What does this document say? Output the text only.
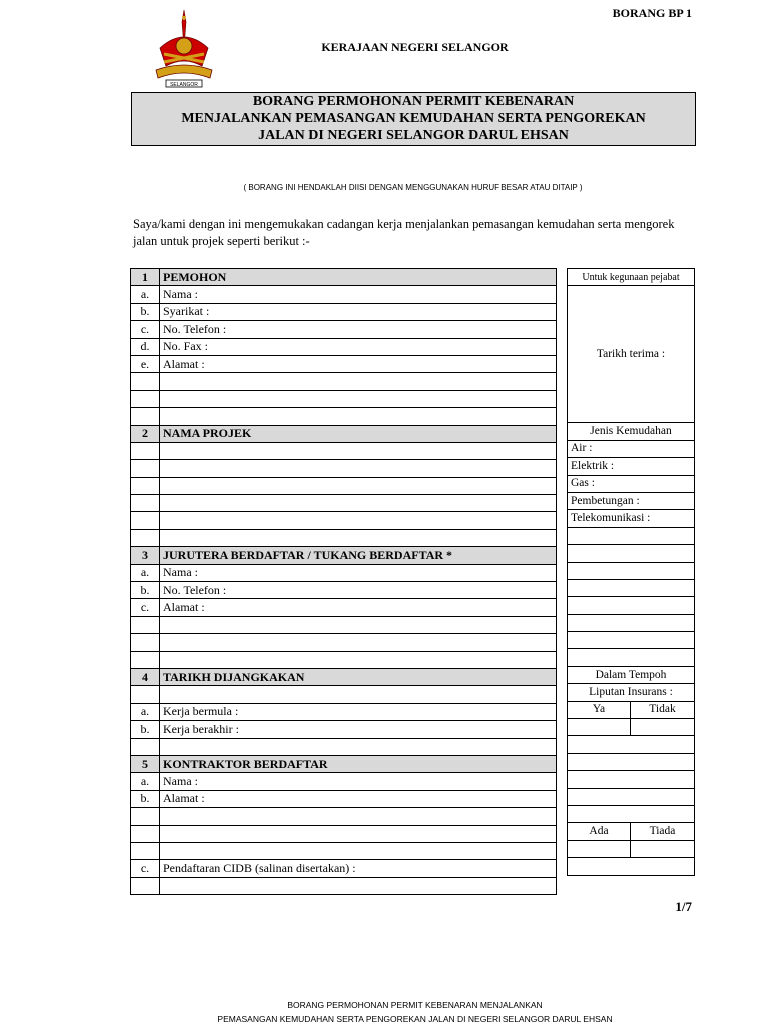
BORANG BP 1
SELANGOR
KERAJAAN NEGERI SELANGOR
BORANG PERMOHONAN PERMIT KEBENARAN
MENJALANKAN PEMASANGAN KEMUDAHAN SERTA PENGOREKAN
JALAN DI NEGERI SELANGOR DARUL EHSAN
( BORANG INI HENDAKLAH DIISI DENGAN MENGGUNAKAN HURUF BESAR ATAU DITAIP )
Saya/kami dengan ini mengemukakan cadangan kerja menjalankan pemasangan kemudahan serta mengorek jalan untuk projek seperti berikut :-
1	PEMOHON
a.	Nama :
b.	Syarikat :
c.	No. Telefon :
d.	No. Fax :
e.	Alamat :

2	NAMA PROJEK

3	JURUTERA BERDAFTAR / TUKANG BERDAFTAR *
a.	Nama :
b.	No. Telefon :
c.	Alamat :

4	TARIKH DIJANGKAKAN

a.	Kerja bermula :
b.	Kerja berakhir :

5	KONTRAKTOR BERDAFTAR
a.	Nama :
b.	Alamat :

c.	Pendaftaran CIDB (salinan disertakan) :

Untuk kegunaan pejabat	
Tarikh terima :	
Jenis Kemudahan	
Air :	
Elektrik :	
Gas :	
Pembetungan :	
Telekomunikasi :	

Dalam Tempoh	
Liputan Insurans :	
Ya	Tidak

Ada	Tiada

1/7
BORANG PERMOHONAN PERMIT KEBENARAN MENJALANKAN
PEMASANGAN KEMUDAHAN SERTA PENGOREKAN JALAN DI NEGERI SELANGOR DARUL EHSAN
